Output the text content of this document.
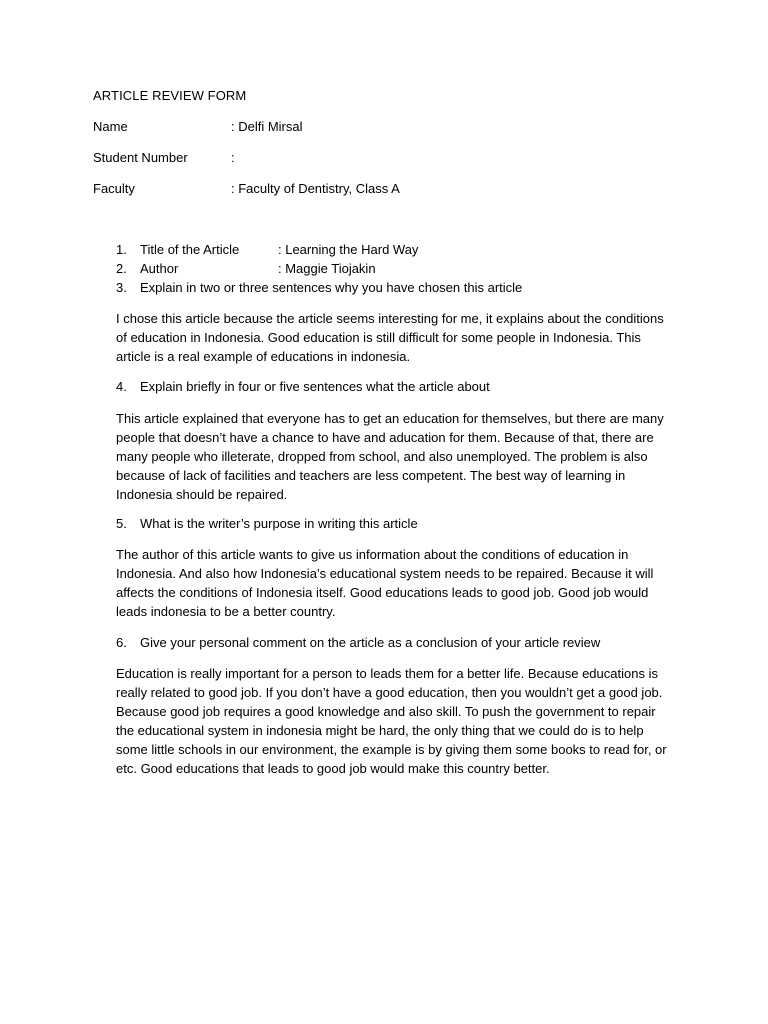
ARTICLE REVIEW FORM
Name	: Delfi Mirsal
Student Number	:
Faculty	: Faculty of Dentistry, Class A
1. Title of the Article	: Learning the Hard Way
2. Author	: Maggie Tiojakin
3. Explain in two or three sentences why you have chosen this article

I chose this article because the article seems interesting for me, it explains about the conditions
of education in Indonesia. Good education is still difficult for some people in Indonesia. This
article is a real example of educations in indonesia.

4. Explain briefly in four or five sentences what the article about

This article explained that everyone has to get an education for themselves, but there are many
people that doesn’t have a chance to have and aducation for them. Because of that, there are
many people who illeterate, dropped from school, and also unemployed. The problem is also
because of lack of facilities and teachers are less competent. The best way of learning in
Indonesia should be repaired.

5. What is the writer’s purpose in writing this article

The author of this article wants to give us information about the conditions of education in
Indonesia. And also how Indonesia’s educational system needs to be repaired. Because it will
affects the conditions of Indonesia itself. Good educations leads to good job. Good job would
leads indonesia to be a better country.

6. Give your personal comment on the article as a conclusion of your article review

Education is really important for a person to leads them for a better life. Because educations is
really related to good job. If you don’t have a good education, then you wouldn’t get a good job.
Because good job requires a good knowledge and also skill. To push the government to repair
the educational system in indonesia might be hard, the only thing that we could do is to help
some little schools in our environment, the example is by giving them some books to read for, or
etc. Good educations that leads to good job would make this country better.
